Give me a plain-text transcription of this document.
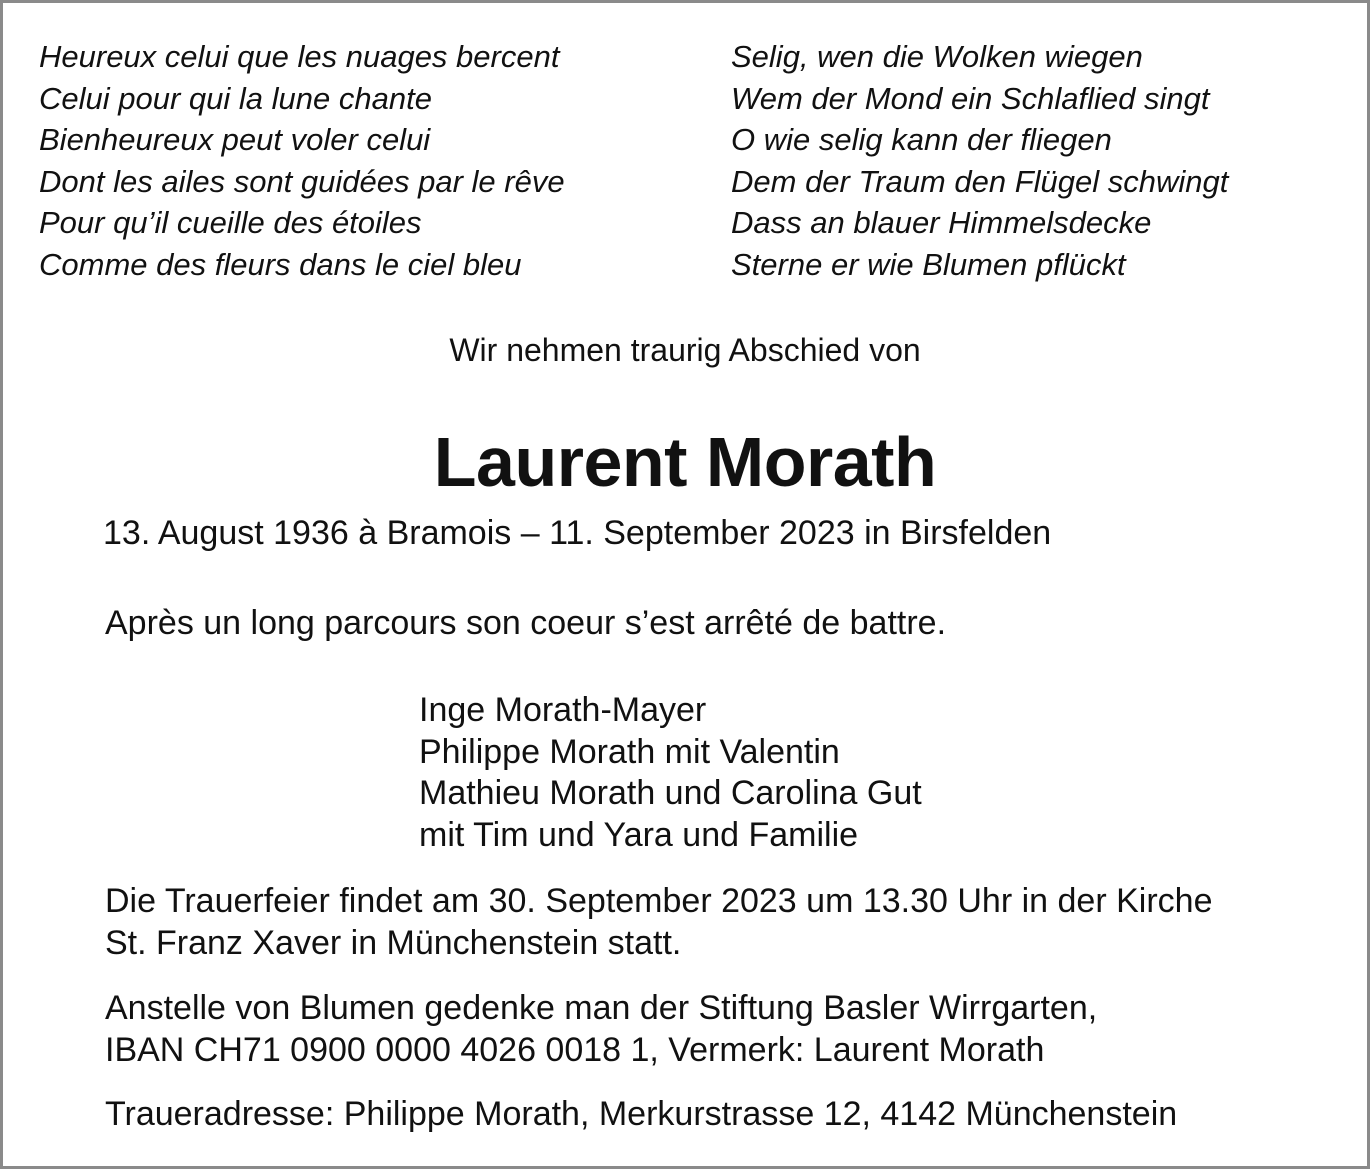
Heureux celui que les nuages bercent
Celui pour qui la lune chante
Bienheureux peut voler celui
Dont les ailes sont guidées par le rêve
Pour qu’il cueille des étoiles
Comme des fleurs dans le ciel bleu
Selig, wen die Wolken wiegen
Wem der Mond ein Schlaflied singt
O wie selig kann der fliegen
Dem der Traum den Flügel schwingt
Dass an blauer Himmelsdecke
Sterne er wie Blumen pflückt
Wir nehmen traurig Abschied von
Laurent Morath
13. August 1936 à Bramois – 11. September 2023 in Birsfelden
Après un long parcours son coeur s’est arrêté de battre.
Inge Morath-Mayer
Philippe Morath mit Valentin
Mathieu Morath und Carolina Gut
mit Tim und Yara und Familie
Die Trauerfeier findet am 30. September 2023 um 13.30 Uhr in der Kirche
St. Franz Xaver in Münchenstein statt.
Anstelle von Blumen gedenke man der Stiftung Basler Wirrgarten,
IBAN CH71 0900 0000 4026 0018 1, Vermerk: Laurent Morath
Traueradresse: Philippe Morath, Merkurstrasse 12, 4142 Münchenstein
